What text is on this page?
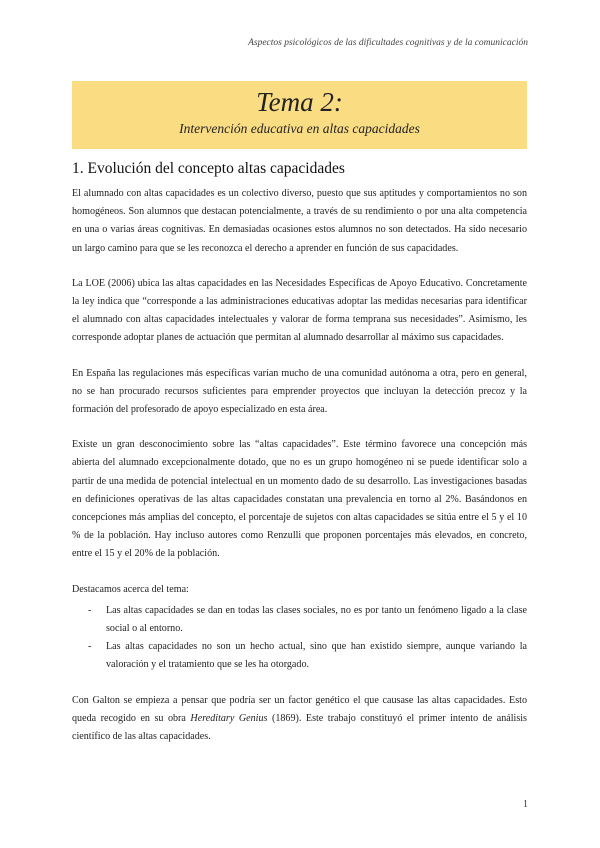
Aspectos psicológicos de las dificultades cognitivas y de la comunicación
Tema 2:
Intervención educativa en altas capacidades
1. Evolución del concepto altas capacidades

El alumnado con altas capacidades es un colectivo diverso, puesto que sus aptitudes y comportamientos no son homogéneos. Son alumnos que destacan potencialmente, a través de su rendimiento o por una alta competencia en una o varias áreas cognitivas. En demasiadas ocasiones estos alumnos no son detectados. Ha sido necesario un largo camino para que se les reconozca el derecho a aprender en función de sus capacidades.

La LOE (2006) ubica las altas capacidades en las Necesidades Específicas de Apoyo Educativo. Concretamente la ley indica que “corresponde a las administraciones educativas adoptar las medidas necesarias para identificar el alumnado con altas capacidades intelectuales y valorar de forma temprana sus necesidades”. Asimismo, les corresponde adoptar planes de actuación que permitan al alumnado desarrollar al máximo sus capacidades.

En España las regulaciones más específicas varían mucho de una comunidad autónoma a otra, pero en general, no se han procurado recursos suficientes para emprender proyectos que incluyan la detección precoz y la formación del profesorado de apoyo especializado en esta área.

Existe un gran desconocimiento sobre las “altas capacidades”. Este término favorece una concepción más abierta del alumnado excepcionalmente dotado, que no es un grupo homogéneo ni se puede identificar solo a partir de una medida de potencial intelectual en un momento dado de su desarrollo. Las investigaciones basadas en definiciones operativas de las altas capacidades constatan una prevalencia en torno al 2%. Basándonos en concepciones más amplias del concepto, el porcentaje de sujetos con altas capacidades se sitúa entre el 5 y el 10 % de la población. Hay incluso autores como Renzulli que proponen porcentajes más elevados, en concreto, entre el 15 y el 20% de la población.

Destacamos acerca del tema:

- Las altas capacidades se dan en todas las clases sociales, no es por tanto un fenómeno ligado a la clase social o al entorno.
- Las altas capacidades no son un hecho actual, sino que han existido siempre, aunque variando la valoración y el tratamiento que se les ha otorgado.

Con Galton se empieza a pensar que podría ser un factor genético el que causase las altas capacidades. Esto queda recogido en su obra Hereditary Genius (1869). Este trabajo constituyó el primer intento de análisis científico de las altas capacidades.

1
